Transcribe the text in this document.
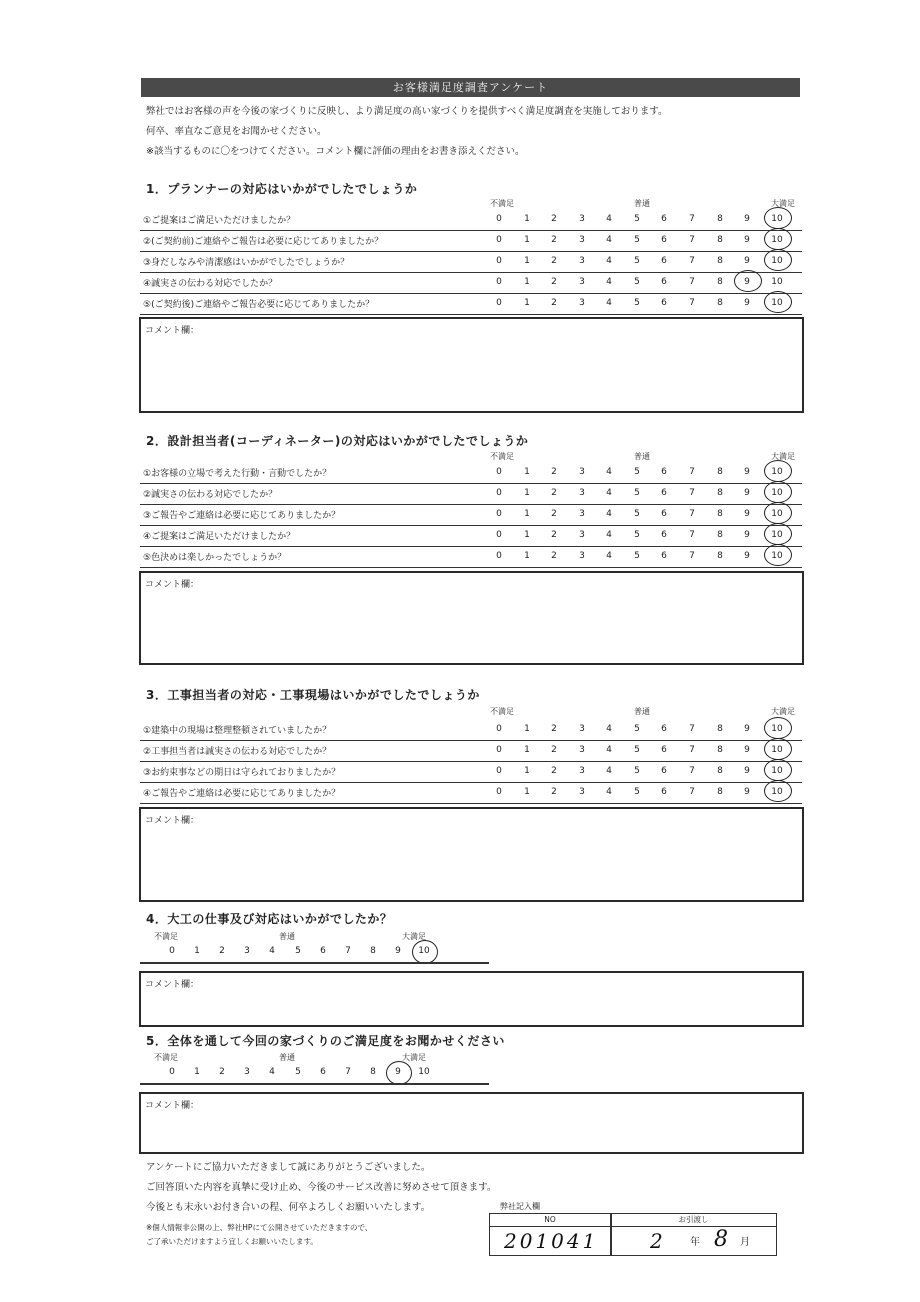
お客様満足度調査アンケート
弊社ではお客様の声を今後の家づくりに反映し、より満足度の高い家づくりを提供すべく満足度調査を実施しております。
何卒、率直なご意見をお聞かせください。
※該当するものに〇をつけてください。コメント欄に評価の理由をお書き添えください。
1．プランナーの対応はいかがでしたでしょうか
不満足	普通	大満足
コメント欄：
2．設計担当者(コーディネーター)の対応はいかがでしたでしょうか
不満足	普通	大満足
コメント欄：
3．工事担当者の対応・工事現場はいかがでしたでしょうか
不満足	普通	大満足
コメント欄：
4．大工の仕事及び対応はいかがでしたか？
不満足	普通	大満足
コメント欄：
5．全体を通して今回の家づくりのご満足度をお聞かせください
不満足	普通	大満足
コメント欄：
アンケートにご協力いただきまして誠にありがとうございました。
ご回答頂いた内容を真摯に受け止め、今後のサービス改善に努めさせて頂きます。
今後とも末永いお付き合いの程、何卒よろしくお願いいたします。
※個人情報非公開の上、弊社HPにて公開させていただきますので、
ご了承いただけますよう宜しくお願いいたします。
弊社記入欄
NO	お引渡し
201041	2	年 8 月
①ご提案はご満足いただけましたか？	0	1	2	3	4	5	6	7	8	9	10
②(ご契約前)ご連絡やご報告は必要に応じてありましたか？	0	1	2	3	4	5	6	7	8	9	10
③身だしなみや清潔感はいかがでしたでしょうか？	0	1	2	3	4	5	6	7	8	9	10
④誠実さの伝わる対応でしたか？	0	1	2	3	4	5	6	7	8	9	10
⑤(ご契約後)ご連絡やご報告必要に応じてありましたか？	0	1	2	3	4	5	6	7	8	9	10
①お客様の立場で考えた行動・言動でしたか？	0	1	2	3	4	5	6	7	8	9	10
②誠実さの伝わる対応でしたか？	0	1	2	3	4	5	6	7	8	9	10
③ご報告やご連絡は必要に応じてありましたか？	0	1	2	3	4	5	6	7	8	9	10
④ご提案はご満足いただけましたか？	0	1	2	3	4	5	6	7	8	9	10
⑤色決めは楽しかったでしょうか？	0	1	2	3	4	5	6	7	8	9	10
①建築中の現場は整理整頓されていましたか？	0	1	2	3	4	5	6	7	8	9	10
②工事担当者は誠実さの伝わる対応でしたか？	0	1	2	3	4	5	6	7	8	9	10
③お約束事などの期日は守られておりましたか？	0	1	2	3	4	5	6	7	8	9	10
④ご報告やご連絡は必要に応じてありましたか？	0	1	2	3	4	5	6	7	8	9	10
0	1	2	3	4	5	6	7	8	9	10
0	1	2	3	4	5	6	7	8	9	10
